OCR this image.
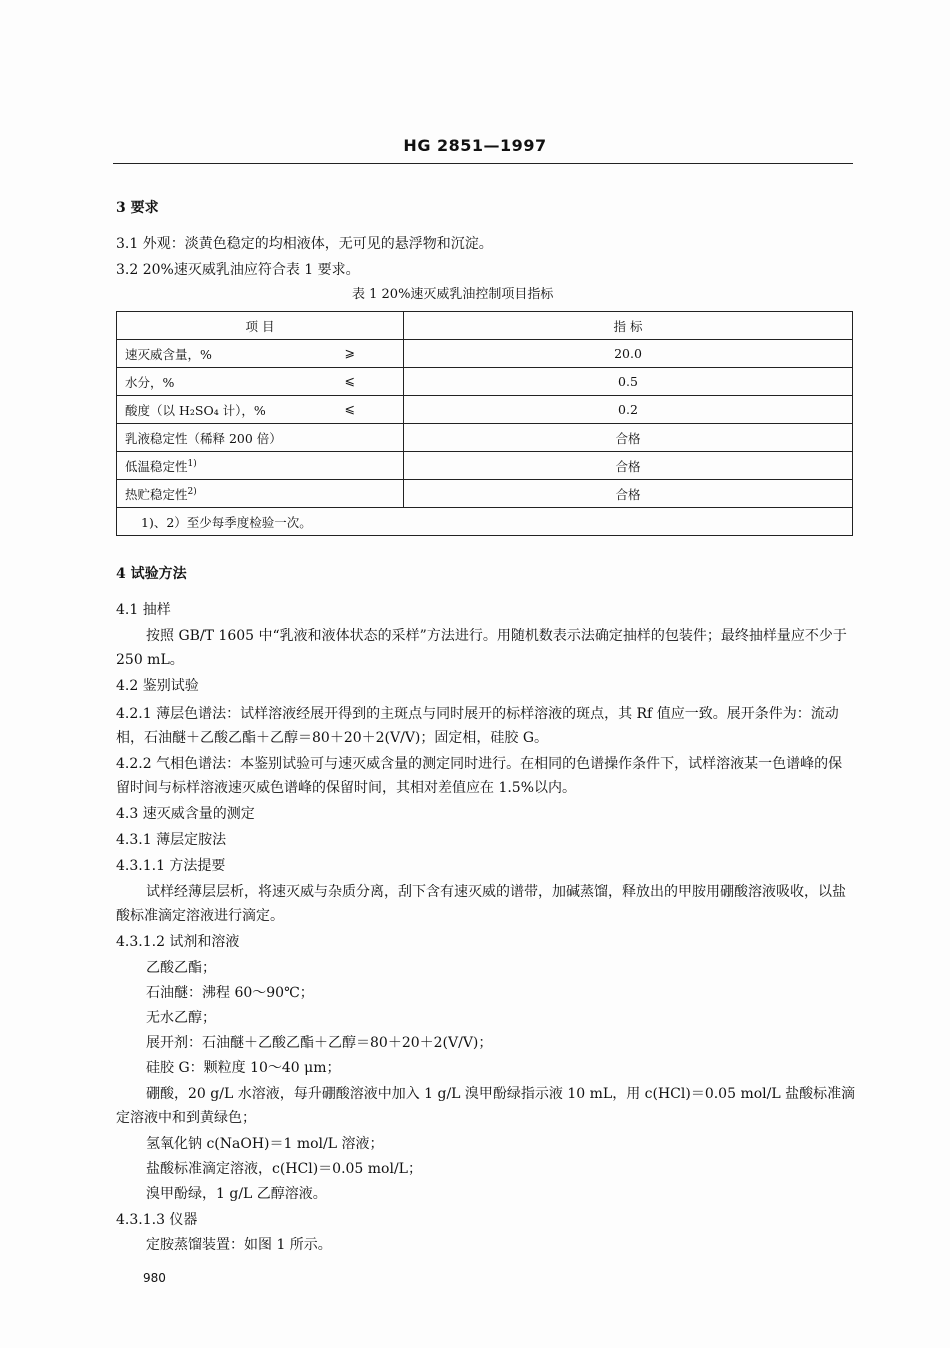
HG 2851—1997
3 要求
3.1 外观：淡黄色稳定的均相液体，无可见的悬浮物和沉淀。
3.2 20%速灭威乳油应符合表 1 要求。
表 1 20%速灭威乳油控制项目指标
项 目	指 标

速灭威含量，% ⩾	20.0

水分，% ⩽	0.5

酸度（以 H₂SO₄ 计），% ⩽	0.2
乳液稳定性（稀释 200 倍）	合格
低温稳定性$^{1)}$	合格
热贮稳定性$^{2)}$	合格
1)、2）至少每季度检验一次。	
4 试验方法
4.1 抽样
按照 GB/T 1605 中“乳液和液体状态的采样”方法进行。用随机数表示法确定抽样的包装件；最终抽样量应不少于250 mL。
4.2 鉴别试验
4.2.1 薄层色谱法：试样溶液经展开得到的主斑点与同时展开的标样溶液的斑点，其 Rf 值应一致。展开条件为：流动相，石油醚＋乙酸乙酯＋乙醇＝80＋20＋2(V/V)；固定相，硅胶 G。
4.2.2 气相色谱法：本鉴别试验可与速灭威含量的测定同时进行。在相同的色谱操作条件下，试样溶液某一色谱峰的保留时间与标样溶液速灭威色谱峰的保留时间，其相对差值应在 1.5%以内。
4.3 速灭威含量的测定
4.3.1 薄层定胺法
4.3.1.1 方法提要
试样经薄层层析，将速灭威与杂质分离，刮下含有速灭威的谱带，加碱蒸馏，释放出的甲胺用硼酸溶液吸收，以盐酸标准滴定溶液进行滴定。
4.3.1.2 试剂和溶液
乙酸乙酯；
石油醚：沸程 60～90℃；
无水乙醇；
展开剂：石油醚＋乙酸乙酯＋乙醇＝80＋20＋2(V/V)；
硅胶 G：颗粒度 10～40 μm；
硼酸，20 g/L 水溶液，每升硼酸溶液中加入 1 g/L 溴甲酚绿指示液 10 mL，用 c(HCl)＝0.05 mol/L 盐酸标准滴定溶液中和到黄绿色；
氢氧化钠 c(NaOH)＝1 mol/L 溶液；
盐酸标准滴定溶液，c(HCl)＝0.05 mol/L；
溴甲酚绿，1 g/L 乙醇溶液。
4.3.1.3 仪器
定胺蒸馏装置：如图 1 所示。
980
